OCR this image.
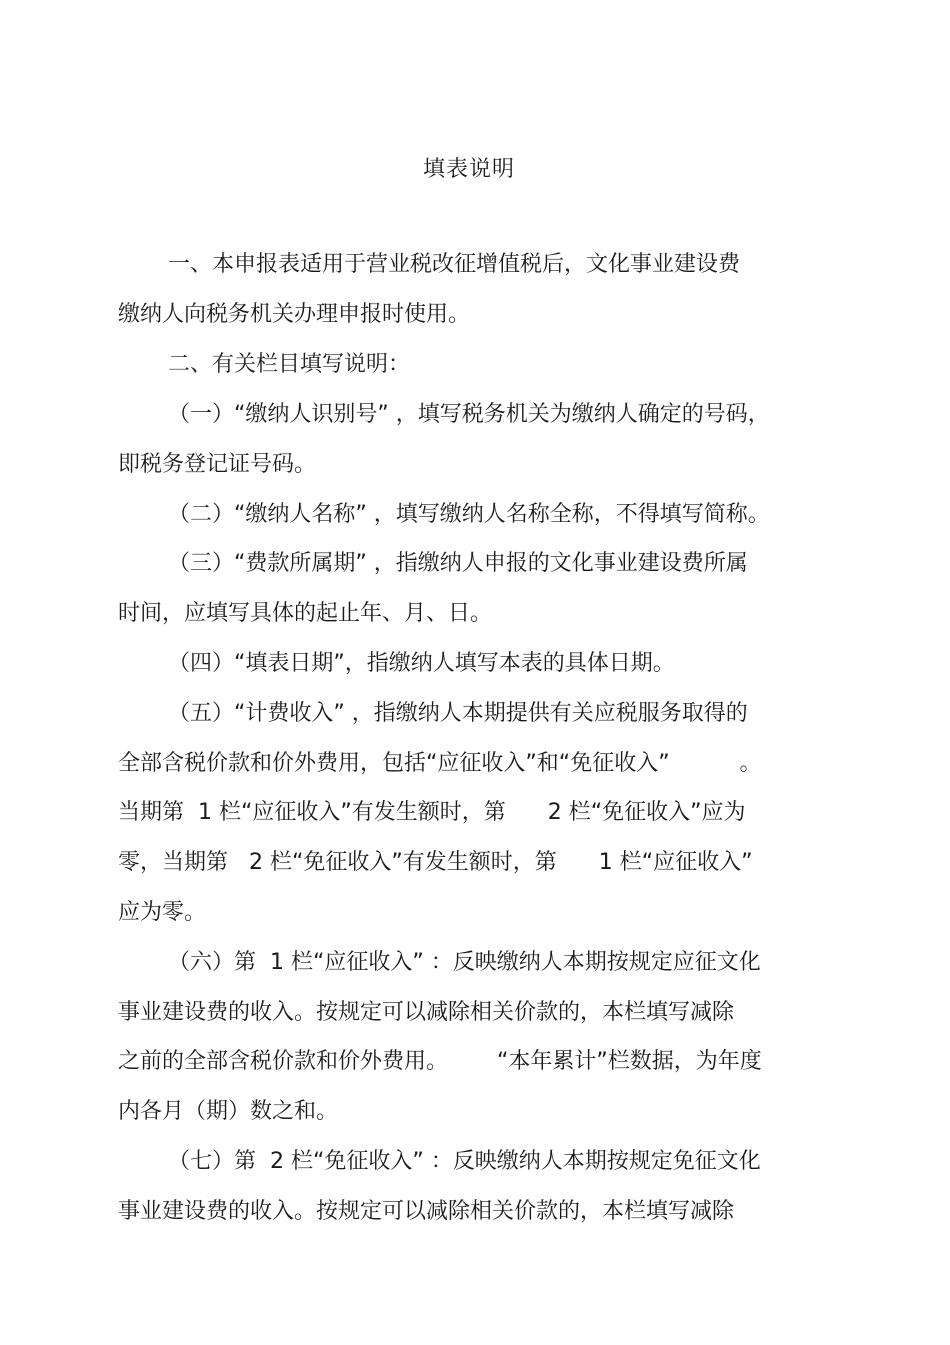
填表说明
一、本申报表适用于营业税改征增值税后，文化事业建设费
缴纳人向税务机关办理申报时使用。
二、有关栏目填写说明：
（一）“缴纳人识别号” ，填写税务机关为缴纳人确定的号码，
即税务登记证号码。
（二）“缴纳人名称” ，填写缴纳人名称全称，不得填写简称。
（三）“费款所属期” ，指缴纳人申报的文化事业建设费所属
时间，应填写具体的起止年、月、日。
（四）“填表日期”，指缴纳人填写本表的具体日期。
（五）“计费收入” ，指缴纳人本期提供有关应税服务取得的
全部含税价款和价外费用，包括“应征收入”和“免征收入”          。
当期第  1 栏“应征收入”有发生额时，第      2 栏“免征收入”应为
零，当期第   2 栏“免征收入”有发生额时，第      1 栏“应征收入”
应为零。
（六）第  1 栏“应征收入” ：反映缴纳人本期按规定应征文化
事业建设费的收入。按规定可以减除相关价款的，本栏填写减除
之前的全部含税价款和价外费用。       “本年累计”栏数据，为年度
内各月（期）数之和。
（七）第  2 栏“免征收入” ：反映缴纳人本期按规定免征文化
事业建设费的收入。按规定可以减除相关价款的，本栏填写减除
